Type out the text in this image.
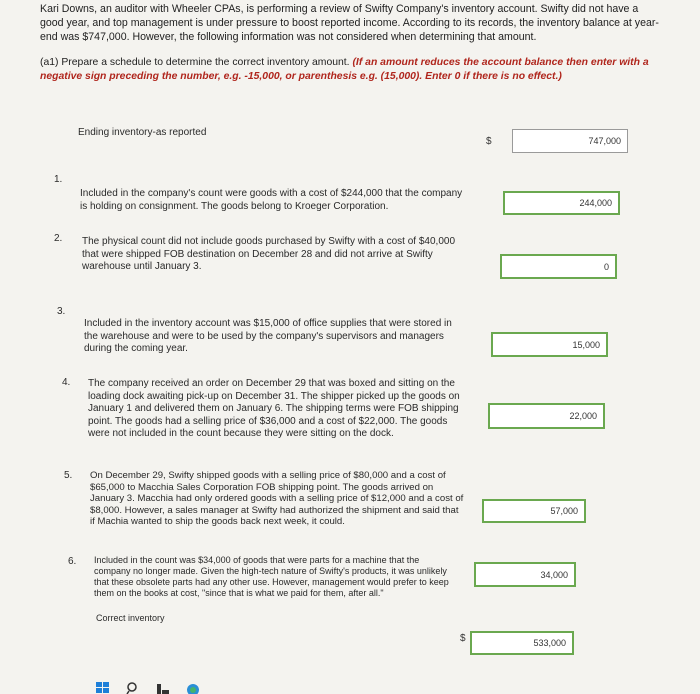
Kari Downs, an auditor with Wheeler CPAs, is performing a review of Swifty Company's inventory account. Swifty did not have a good year, and top management is under pressure to boost reported income. According to its records, the inventory balance at year-end was $747,000. However, the following information was not considered when determining that amount.
(a1) Prepare a schedule to determine the correct inventory amount. (If an amount reduces the account balance then enter with a negative sign preceding the number, e.g. -15,000, or parenthesis e.g. (15,000). Enter 0 if there is no effect.)
Ending inventory-as reported
$
747,000
1.
Included in the company's count were goods with a cost of $244,000 that the company is holding on consignment. The goods belong to Kroeger Corporation.
244,000
2. The physical count did not include goods purchased by Swifty with a cost of $40,000 that were shipped FOB destination on December 28 and did not arrive at Swifty warehouse until January 3.
0
3.
Included in the inventory account was $15,000 of office supplies that were stored in the warehouse and were to be used by the company's supervisors and managers during the coming year.
15,000
4. The company received an order on December 29 that was boxed and sitting on the loading dock awaiting pick-up on December 31. The shipper picked up the goods on January 1 and delivered them on January 6. The shipping terms were FOB shipping point. The goods had a selling price of $36,000 and a cost of $22,000. The goods were not included in the count because they were sitting on the dock.
22,000
5. On December 29, Swifty shipped goods with a selling price of $80,000 and a cost of $65,000 to Macchia Sales Corporation FOB shipping point. The goods arrived on January 3. Macchia had only ordered goods with a selling price of $12,000 and a cost of $8,000. However, a sales manager at Swifty had authorized the shipment and said that if Machia wanted to ship the goods back next week, it could.
57,000
6. Included in the count was $34,000 of goods that were parts for a machine that the company no longer made. Given the high-tech nature of Swifty's products, it was unlikely that these obsolete parts had any other use. However, management would prefer to keep them on the books at cost, "since that is what we paid for them, after all."
34,000
Correct inventory
$
533,000
